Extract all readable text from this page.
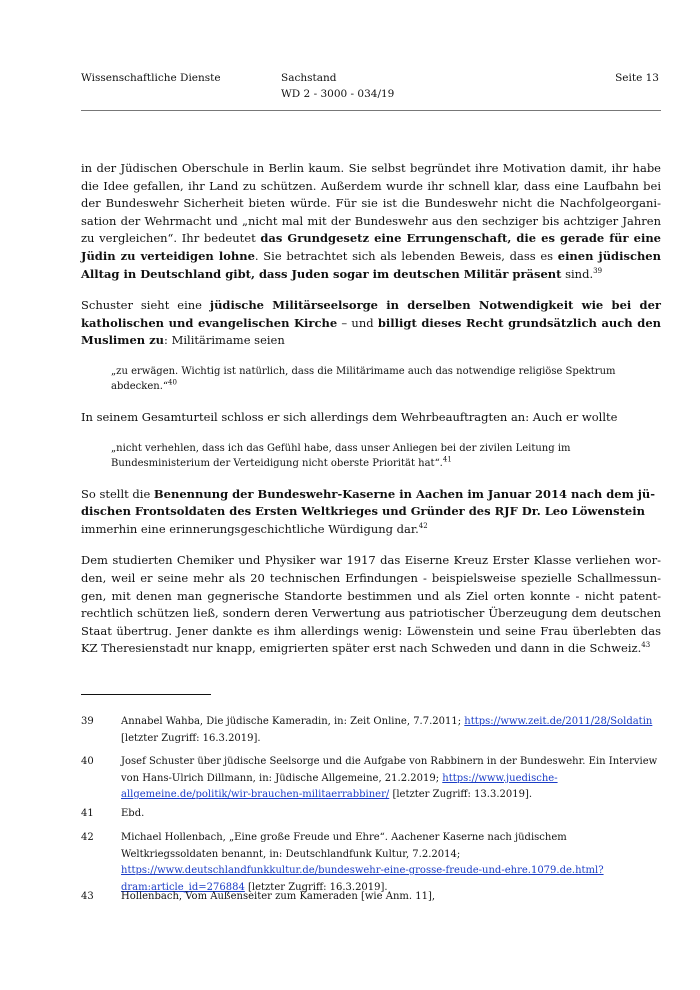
Wissenschaftliche Dienste	Sachstand
WD 2 - 3000 - 034/19
Seite 13

in der Jüdischen Oberschule in Berlin kaum. Sie selbst begründet ihre Motivation damit, ihr habe die Idee gefallen, ihr Land zu schützen. Außerdem wurde ihr schnell klar, dass eine Laufbahn bei der Bundeswehr Sicherheit bieten würde. Für sie ist die Bundeswehr nicht die Nachfolgeorganisation der Wehrmacht und „nicht mal mit der Bundeswehr aus den sechziger bis achtziger Jahren zu vergleichen“. Ihr bedeutet das Grundgesetz eine Errungenschaft, die es gerade für eine Jüdin zu verteidigen lohne. Sie betrachtet sich als lebenden Beweis, dass es einen jüdischen Alltag in Deutschland gibt, dass Juden sogar im deutschen Militär präsent sind.$^{39}$

Schuster sieht eine jüdische Militärseelsorge in derselben Notwendigkeit wie bei der katholischen und evangelischen Kirche – und billigt dieses Recht grundsätzlich auch den Muslimen zu: Militärimame seien

„zu erwägen. Wichtig ist natürlich, dass die Militärimame auch das notwendige religiöse Spektrum abdecken.“$^{40}$

In seinem Gesamturteil schloss er sich allerdings dem Wehrbeauftragten an: Auch er wollte

„nicht verhehlen, dass ich das Gefühl habe, dass unser Anliegen bei der zivilen Leitung im Bundesministerium der Verteidigung nicht oberste Priorität hat“.$^{41}$

So stellt die Benennung der Bundeswehr-Kaserne in Aachen im Januar 2014 nach dem jüdischen Frontsoldaten des Ersten Weltkrieges und Gründer des RJF Dr. Leo Löwenstein immerhin eine erinnerungsgeschichtliche Würdigung dar.$^{42}$

Dem studierten Chemiker und Physiker war 1917 das Eiserne Kreuz Erster Klasse verliehen worden, weil er seine mehr als 20 technischen Erfindungen - beispielsweise spezielle Schallmessungen, mit denen man gegnerische Standorte bestimmen und als Ziel orten konnte - nicht patentrechtlich schützen ließ, sondern deren Verwertung aus patriotischer Überzeugung dem deutschen Staat übertrug. Jener dankte es ihm allerdings wenig: Löwenstein und seine Frau überlebten das KZ Theresienstadt nur knapp, emigrierten später erst nach Schweden und dann in die Schweiz.$^{43}$

39	Annabel Wahba, Die jüdische Kameradin, in: Zeit Online, 7.7.2011; https://www.zeit.de/2011/28/Soldatin [letzter Zugriff: 16.3.2019].
40	Josef Schuster über jüdische Seelsorge und die Aufgabe von Rabbinern in der Bundeswehr. Ein Interview von Hans-Ulrich Dillmann, in: Jüdische Allgemeine, 21.2.2019; https://www.juedische-allgemeine.de/politik/wir-brauchen-militaerrabbiner/ [letzter Zugriff: 13.3.2019].
41	Ebd.
42	Michael Hollenbach, „Eine große Freude und Ehre“. Aachener Kaserne nach jüdischem Weltkriegssoldaten benannt, in: Deutschlandfunk Kultur, 7.2.2014; https://www.deutschlandfunkkultur.de/bundeswehr-eine-grosse-freude-und-ehre.1079.de.html?dram:article_id=276884 [letzter Zugriff: 16.3.2019].
43	Hollenbach, Vom Außenseiter zum Kameraden [wie Anm. 11],
